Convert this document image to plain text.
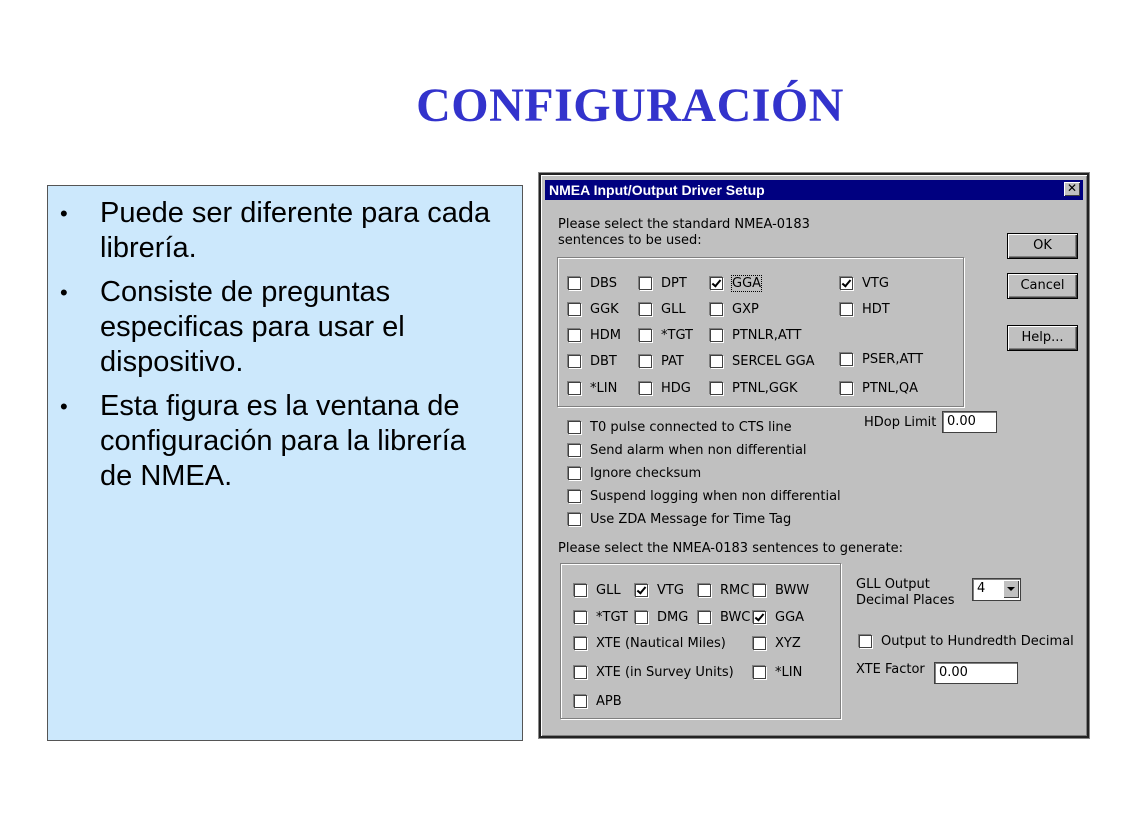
CONFIGURACIÓN
• Puede ser diferente para cada librería.
• Consiste de preguntas especificas para usar el dispositivo.
• Esta figura es la ventana de configuración para la librería de NMEA.
NMEA Input/Output Driver Setup	✕
Please select the standard NMEA-0183
sentences to be used:	OK
Cancel
Help...
DBS	DPT	GGA	VTG
GGK	GLL	GXP	HDT
HDM	*TGT	PTNLR,ATT
DBT	PAT	SERCEL GGA	PSER,ATT
*LIN	HDG	PTNL,GGK	PTNL,QA
T0 pulse connected to CTS line
Send alarm when non differential
Ignore checksum
Suspend logging when non differential
Use ZDA Message for Time Tag
HDop Limit 0.00
Please select the NMEA-0183 sentences to generate:
GLL	VTG	RMC BWW
*TGT DMG BWC GGA
XTE (Nautical Miles)	XYZ
XTE (in Survey Units)	*LIN
APB
GLL Output
Decimal Places
4
Output to Hundredth Decimal
XTE Factor	0.00
